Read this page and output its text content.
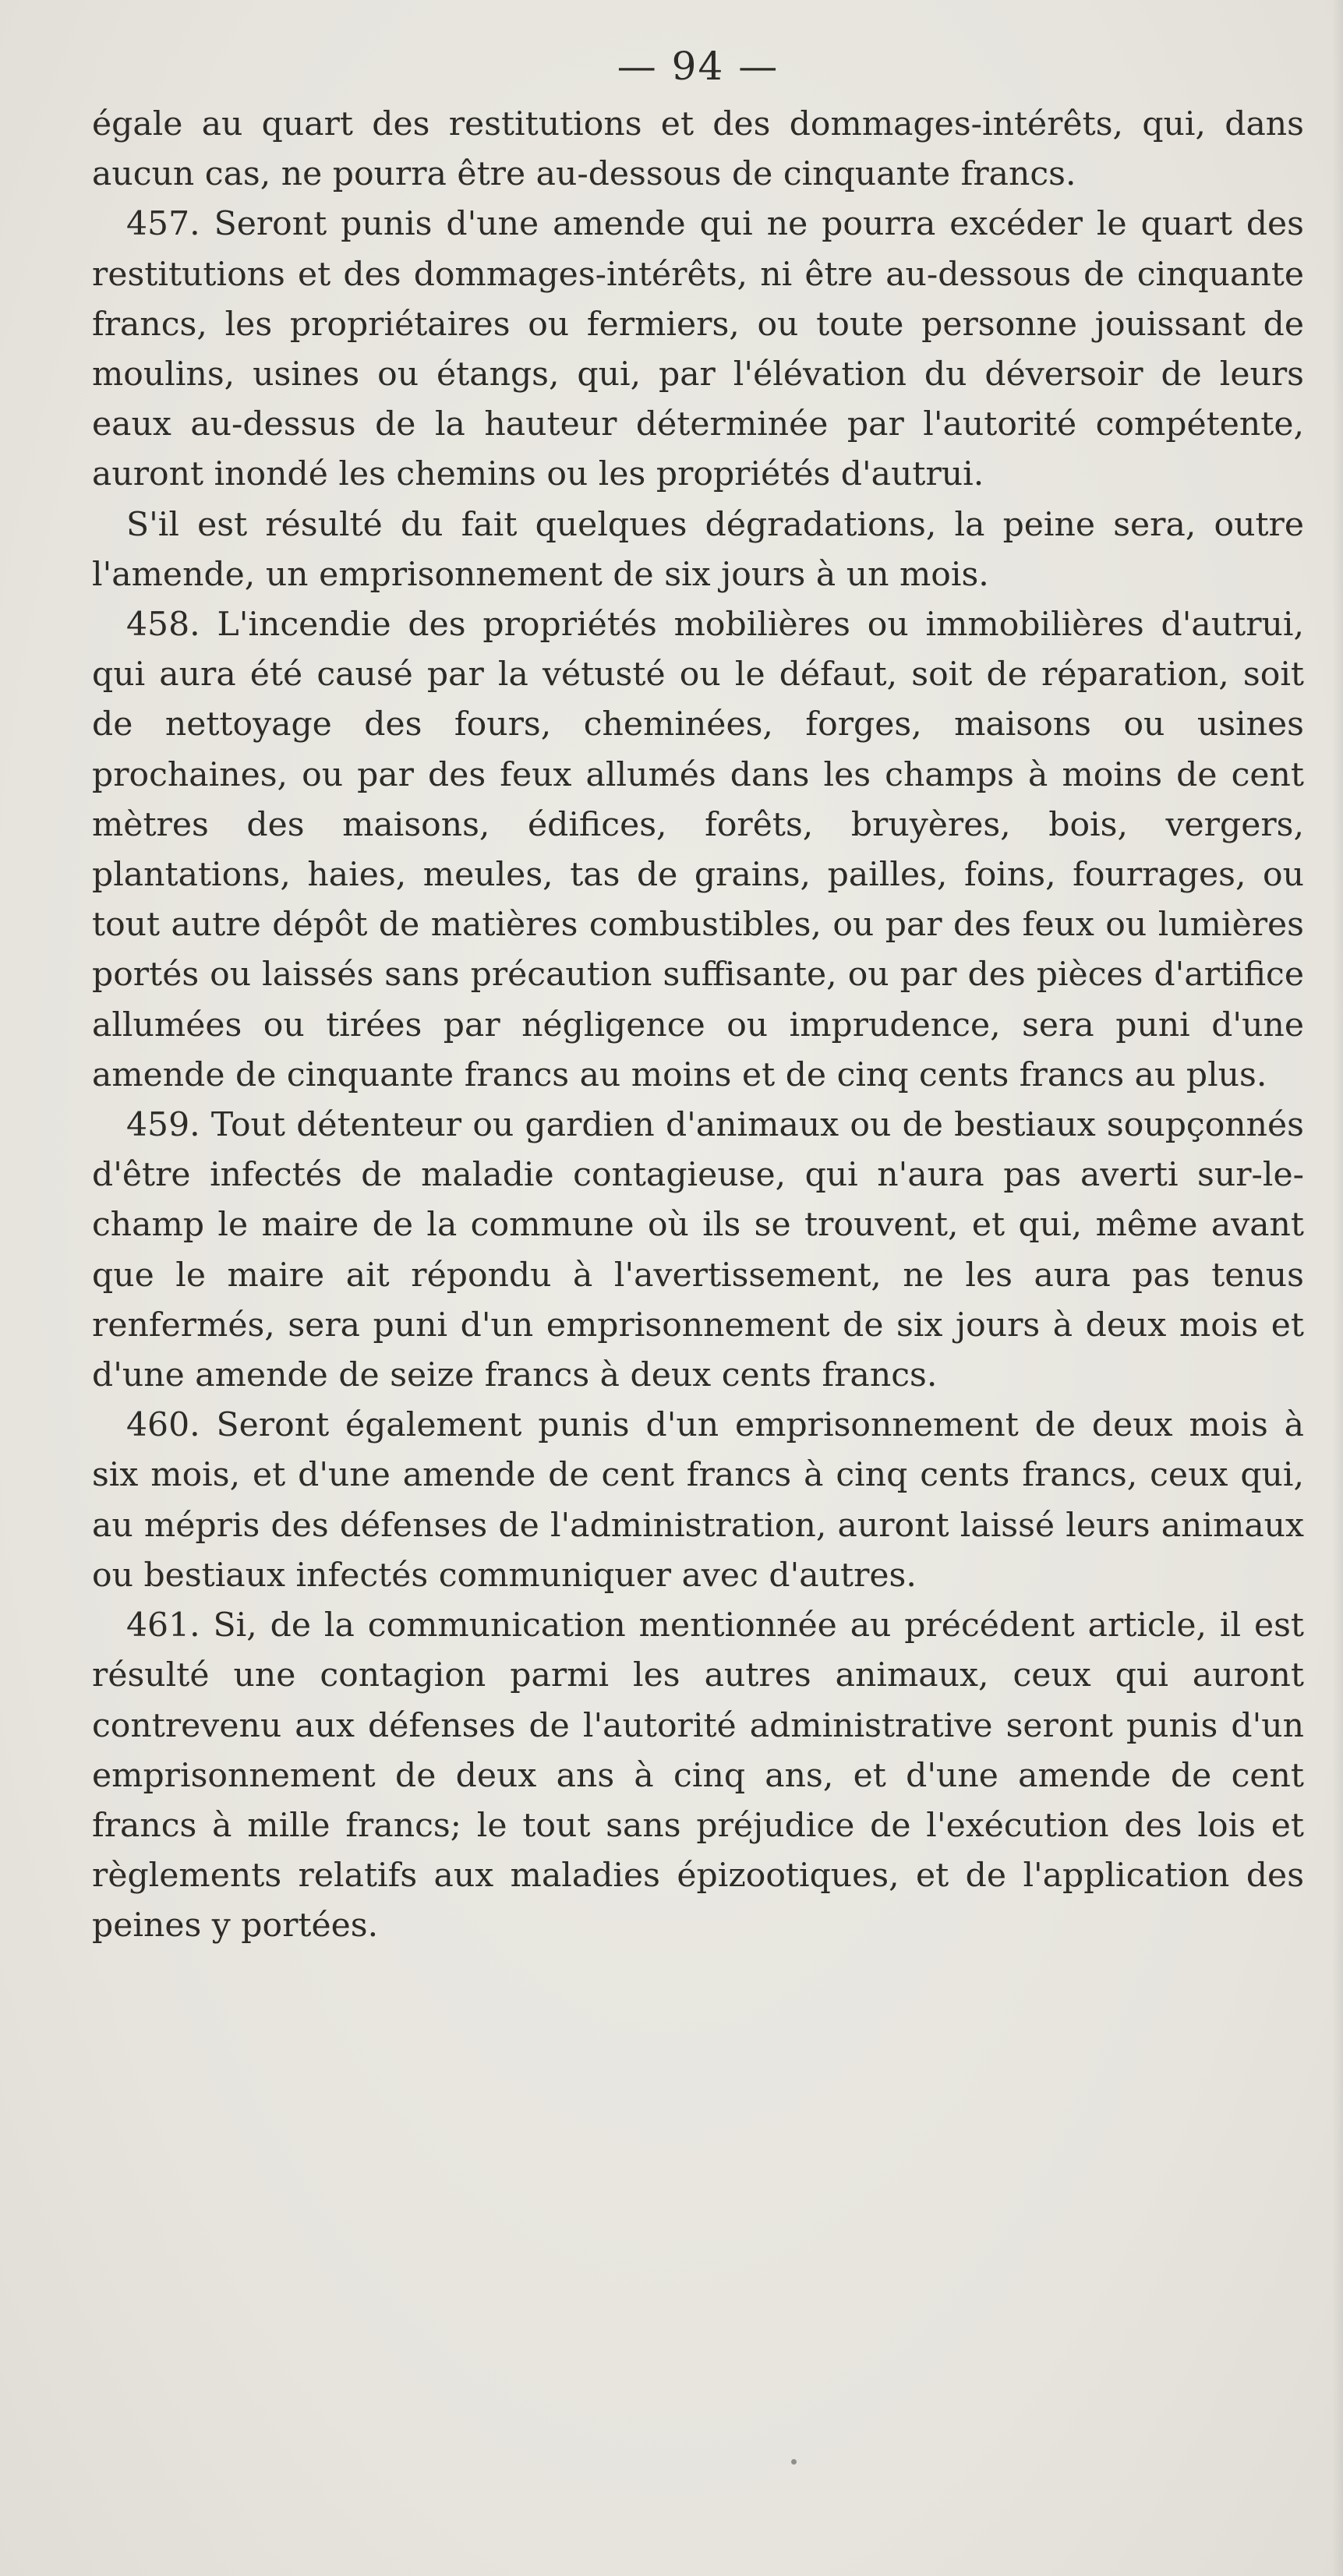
— 94 —

égale au quart des restitutions et des dommages-intérêts, qui, dans aucun cas, ne pourra être au-dessous de cinquante francs.

457. Seront punis d'une amende qui ne pourra excéder le quart des restitutions et des dommages-intérêts, ni être au-dessous de cinquante francs, les propriétaires ou fermiers, ou toute personne jouissant de moulins, usines ou étangs, qui, par l'élévation du déversoir de leurs eaux au-dessus de la hauteur déterminée par l'autorité compétente, auront inondé les chemins ou les propriétés d'autrui.

S'il est résulté du fait quelques dégradations, la peine sera, outre l'amende, un emprisonnement de six jours à un mois.

458. L'incendie des propriétés mobilières ou immobilières d'autrui, qui aura été causé par la vétusté ou le défaut, soit de réparation, soit de nettoyage des fours, cheminées, forges, maisons ou usines prochaines, ou par des feux allumés dans les champs à moins de cent mètres des maisons, édifices, forêts, bruyères, bois, vergers, plantations, haies, meules, tas de grains, pailles, foins, fourrages, ou tout autre dépôt de matières combustibles, ou par des feux ou lumières portés ou laissés sans précaution suffisante, ou par des pièces d'artifice allumées ou tirées par négligence ou imprudence, sera puni d'une amende de cinquante francs au moins et de cinq cents francs au plus.

459. Tout détenteur ou gardien d'animaux ou de bestiaux soupçonnés d'être infectés de maladie contagieuse, qui n'aura pas averti sur-le-champ le maire de la commune où ils se trouvent, et qui, même avant que le maire ait répondu à l'avertissement, ne les aura pas tenus renfermés, sera puni d'un emprisonnement de six jours à deux mois et d'une amende de seize francs à deux cents francs.

460. Seront également punis d'un emprisonnement de deux mois à six mois, et d'une amende de cent francs à cinq cents francs, ceux qui, au mépris des défenses de l'administration, auront laissé leurs animaux ou bestiaux infectés communiquer avec d'autres.

461. Si, de la communication mentionnée au précédent article, il est résulté une contagion parmi les autres animaux, ceux qui auront contrevenu aux défenses de l'autorité administrative seront punis d'un emprisonnement de deux ans à cinq ans, et d'une amende de cent francs à mille francs; le tout sans préjudice de l'exécution des lois et règlements relatifs aux maladies épizootiques, et de l'application des peines y portées.
